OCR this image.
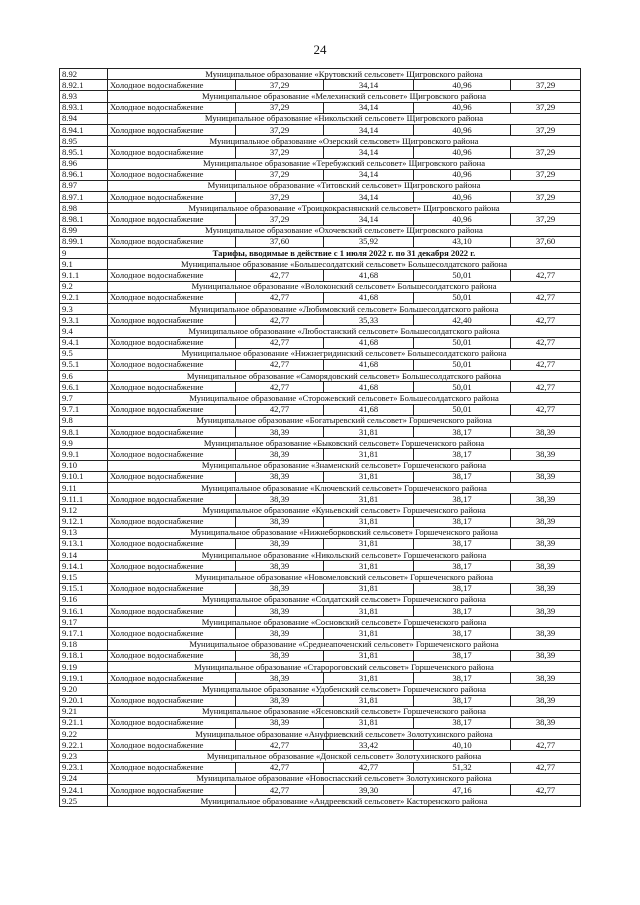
24
8.92	Муниципальное образование «Крутовский сельсовет» Щигровского района				
8.92.1	Холодное водоснабжение	37,29	34,14	40,96	37,29
8.93	Муниципальное образование «Мелехинский сельсовет» Щигровского района				
8.93.1	Холодное водоснабжение	37,29	34,14	40,96	37,29
8.94	Муниципальное образование «Никольский сельсовет» Щигровского района				
8.94.1	Холодное водоснабжение	37,29	34,14	40,96	37,29
8.95	Муниципальное образование «Озерский сельсовет» Щигровского района				
8.95.1	Холодное водоснабжение	37,29	34,14	40,96	37,29
8.96	Муниципальное образование «Теребужский сельсовет» Щигровского района				
8.96.1	Холодное водоснабжение	37,29	34,14	40,96	37,29
8.97	Муниципальное образование «Титовский сельсовет» Щигровского района				
8.97.1	Холодное водоснабжение	37,29	34,14	40,96	37,29
8.98	Муниципальное образование «Троицкокраснянский сельсовет» Щигровского района				
8.98.1	Холодное водоснабжение	37,29	34,14	40,96	37,29
8.99	Муниципальное образование «Охочевский сельсовет» Щигровского района				
8.99.1	Холодное водоснабжение	37,60	35,92	43,10	37,60
9	Тарифы, вводимые в действие с 1 июля 2022 г. по 31 декабря 2022 г.				
9.1	Муниципальное образование «Большесолдатский сельсовет» Большесолдатского района				
9.1.1	Холодное водоснабжение	42,77	41,68	50,01	42,77
9.2	Муниципальное образование «Волоконский сельсовет» Большесолдатского района				
9.2.1	Холодное водоснабжение	42,77	41,68	50,01	42,77
9.3	Муниципальное образование «Любимовский сельсовет» Большесолдатского района				
9.3.1	Холодное водоснабжение	42,77	35,33	42,40	42,77
9.4	Муниципальное образование «Любостанский сельсовет» Большесолдатского района				
9.4.1	Холодное водоснабжение	42,77	41,68	50,01	42,77
9.5	Муниципальное образование «Нижнегридинский сельсовет» Большесолдатского района				
9.5.1	Холодное водоснабжение	42,77	41,68	50,01	42,77
9.6	Муниципальное образование «Саморядовский сельсовет» Большесолдатского района				
9.6.1	Холодное водоснабжение	42,77	41,68	50,01	42,77
9.7	Муниципальное образование «Сторожевский сельсовет» Большесолдатского района				
9.7.1	Холодное водоснабжение	42,77	41,68	50,01	42,77
9.8	Муниципальное образование «Богатыревский сельсовет» Горшеченского района				
9.8.1	Холодное водоснабжение	38,39	31,81	38,17	38,39
9.9	Муниципальное образование «Быковский сельсовет» Горшеченского района				
9.9.1	Холодное водоснабжение	38,39	31,81	38,17	38,39
9.10	Муниципальное образование «Знаменский сельсовет» Горшеченского района				
9.10.1	Холодное водоснабжение	38,39	31,81	38,17	38,39
9.11	Муниципальное образование «Ключевский сельсовет» Горшеченского района				
9.11.1	Холодное водоснабжение	38,39	31,81	38,17	38,39
9.12	Муниципальное образование «Куньевский сельсовет» Горшеченского района				
9.12.1	Холодное водоснабжение	38,39	31,81	38,17	38,39
9.13	Муниципальное образование «Нижнеборковский сельсовет» Горшеченского района				
9.13.1	Холодное водоснабжение	38,39	31,81	38,17	38,39
9.14	Муниципальное образование «Никольский сельсовет» Горшеченского района				
9.14.1	Холодное водоснабжение	38,39	31,81	38,17	38,39
9.15	Муниципальное образование «Новомеловский сельсовет» Горшеченского района				
9.15.1	Холодное водоснабжение	38,39	31,81	38,17	38,39
9.16	Муниципальное образование «Солдатский сельсовет» Горшеченского района				
9.16.1	Холодное водоснабжение	38,39	31,81	38,17	38,39
9.17	Муниципальное образование «Сосновский сельсовет» Горшеченского района				
9.17.1	Холодное водоснабжение	38,39	31,81	38,17	38,39
9.18	Муниципальное образование «Среднеапоченский сельсовет» Горшеченского района				
9.18.1	Холодное водоснабжение	38,39	31,81	38,17	38,39
9.19	Муниципальное образование «Старороговский сельсовет» Горшеченского района				
9.19.1	Холодное водоснабжение	38,39	31,81	38,17	38,39
9.20	Муниципальное образование «Удобенский сельсовет» Горшеченского района				
9.20.1	Холодное водоснабжение	38,39	31,81	38,17	38,39
9.21	Муниципальное образование «Ясеновский сельсовет» Горшеченского района				
9.21.1	Холодное водоснабжение	38,39	31,81	38,17	38,39
9.22	Муниципальное образование «Ануфриевский сельсовет» Золотухинского района				
9.22.1	Холодное водоснабжение	42,77	33,42	40,10	42,77
9.23	Муниципальное образование «Донской сельсовет» Золотухинского района				
9.23.1	Холодное водоснабжение	42,77	42,77	51,32	42,77
9.24	Муниципальное образование «Новоспасский сельсовет» Золотухинского района				
9.24.1	Холодное водоснабжение	42,77	39,30	47,16	42,77
9.25	Муниципальное образование «Андреевский сельсовет» Касторенского района				
